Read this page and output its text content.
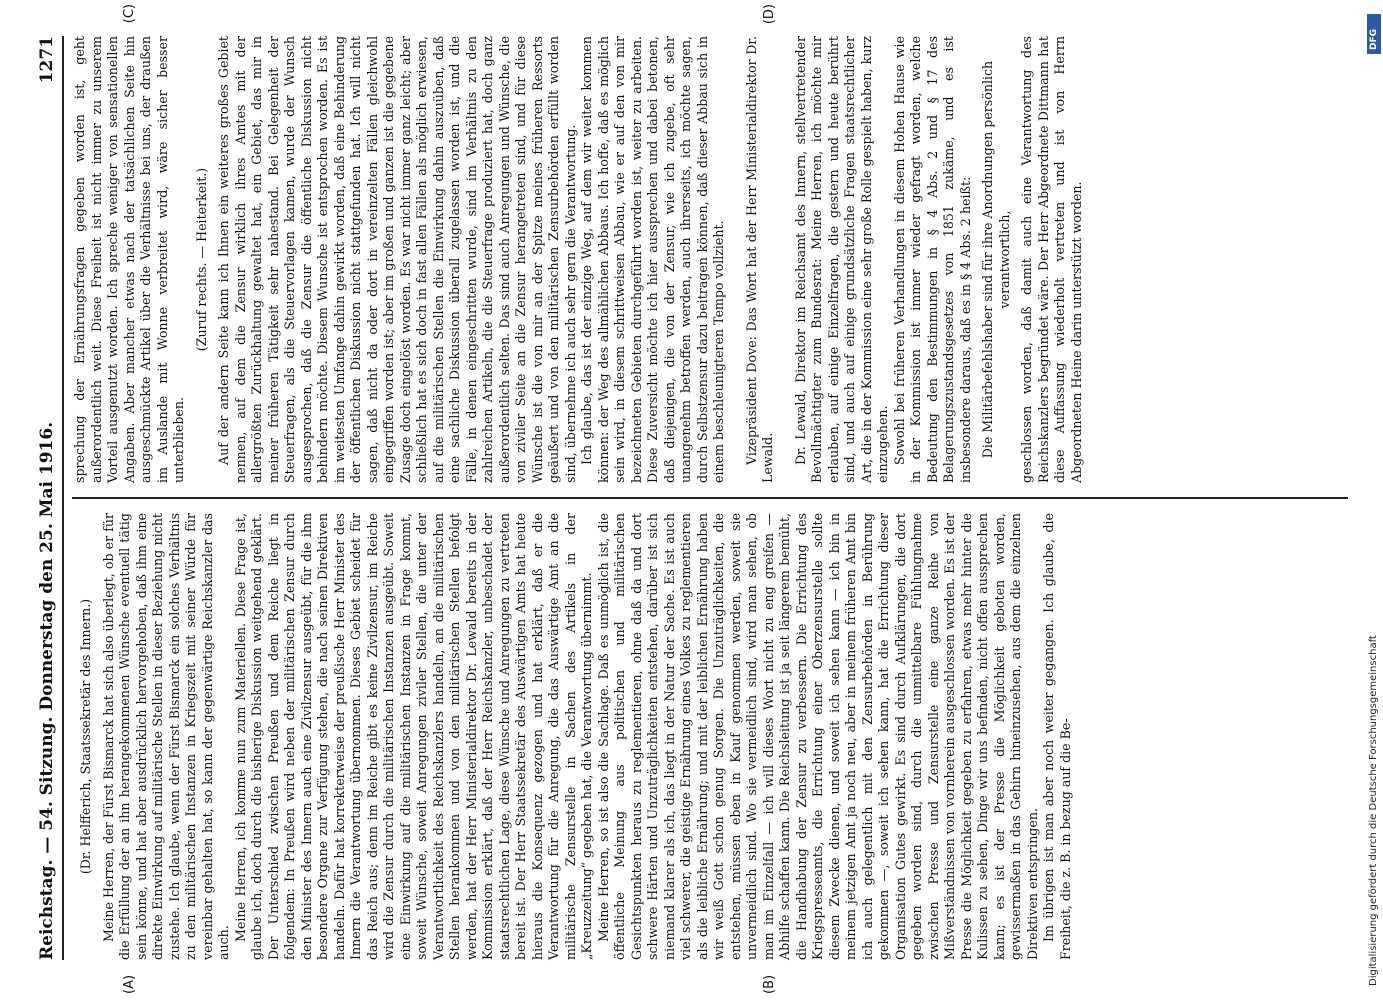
Reichstag. — 54. Sitzung. Donnerstag den 25. Mai 1916.
1271
(A)	(B)

(Dr. Helfferich, Staatssekretär des Innern.) Meine Herren, der Fürst Bismarck hat sich also überlegt, ob er für die Erfüllung der an ihn herangekommenen Wünsche eventuell tätig sein könne, und hat aber ausdrücklich hervorgehoben, daß ihm eine direkte Einwirkung auf militärische Stellen in dieser Beziehung nicht zustehe. Ich glaube, wenn der Fürst Bismarck ein solches Verhältnis zu den militärischen Instanzen in Kriegszeit mit seiner Würde für vereinbar gehalten hat, so kann der gegenwärtige Reichskanzler das auch.

Meine Herren, ich komme nun zum Materiellen. Diese Frage ist, glaube ich, doch durch die bisherige Diskussion weitgehend geklärt. Der Unterschied zwischen Preußen und dem Reiche liegt in folgendem: In Preußen wird neben der militärischen Zensur durch den Minister des Innern auch eine Zivilzensur ausgeübt, für die ihm besondere Organe zur Verfügung stehen, die nach seinen Direktiven handeln. Dafür hat korrekterweise der preußische Herr Minister des Innern die Verantwortung übernommen. Dieses Gebiet scheidet für das Reich aus; denn im Reiche gibt es keine Zivilzensur, im Reiche wird die Zensur durch die militärischen Instanzen ausgeübt. Soweit eine Einwirkung auf die militärischen Instanzen in Frage kommt, soweit Wünsche, soweit Anregungen ziviler Stellen, die unter der Verantwortlichkeit des Reichskanzlers handeln, an die militärischen Stellen herankommen und von den militärischen Stellen befolgt werden, hat der Herr Ministerialdirektor Dr. Lewald bereits in der Kommission erklärt, daß der Herr Reichskanzler, unbeschadet der staatsrechtlichen Lage, diese Wünsche und Anregungen zu vertreten bereit ist. Der Herr Staatssekretär des Auswärtigen Amts hat heute hieraus die Konsequenz gezogen und hat erklärt, daß er die Verantwortung für die Anregung, die das Auswärtige Amt an die militärische Zensurstelle in Sachen des Artikels in der „Kreuzzeitung“ gegeben hat, die Verantwortung übernimmt. Meine Herren, so ist also die Sachlage. Daß es unmöglich ist, die öffentliche Meinung aus politischen und militärischen Gesichtspunkten heraus zu reglementieren, ohne daß da und dort schwere Härten und Unzuträglichkeiten entstehen, darüber ist sich niemand klarer als ich, das liegt in der Natur der Sache. Es ist auch viel schwerer, die geistige Ernährung eines Volkes zu reglementieren als die leibliche Ernährung; und mit der leiblichen Ernährung haben wir weiß Gott schon genug Sorgen. Die Unzuträglichkeiten, die entstehen, müssen eben in Kauf genommen werden, soweit sie unvermeidlich sind. Wo sie vermeidlich sind, wird man sehen, ob man im Einzelfall — ich will dieses Wort nicht zu eng greifen — Abhilfe schaffen kann. Die Reichsleitung ist ja seit längerem bemüht, die Handhabung der Zensur zu verbessern. Die Errichtung des Kriegspresseamts, die Errichtung einer Oberzensurstelle sollte diesem Zwecke dienen, und soweit ich sehen kann — ich bin in meinem jetzigen Amt ja noch neu, aber in meinem früheren Amt bin ich auch gelegentlich mit den Zensurbehörden in Berührung gekommen —, soweit ich sehen kann, hat die Errichtung dieser Organisation Gutes gewirkt. Es sind durch Aufklärungen, die dort gegeben worden sind, durch die unmittelbare Fühlungnahme zwischen Presse und Zensurstelle eine ganze Reihe von Mißverständnissen von vornherein ausgeschlossen worden. Es ist der Presse die Möglichkeit gegeben zu erfahren, etwas mehr hinter die Kulissen zu sehen, Dinge wir uns befinden, nicht offen aussprechen kann; es ist der Presse die Möglichkeit geboten worden, gewissermaßen in das Gehirn hineinzusehen, aus dem die einzelnen Direktiven entspringen. Im übrigen ist man aber noch weiter gegangen. Ich glaube, die Freiheit, die z. B. in bezug auf die Be-

(C)	(D)

sprechung der Ernährungsfragen gegeben worden ist, geht außerordentlich weit. Diese Freiheit ist nicht immer zu unserem Vorteil ausgenutzt worden. Ich spreche weniger von sensationellen Angaben. Aber mancher etwas nach der tatsächlichen Seite hin ausgeschmückte Artikel über die Verhältnisse bei uns, der draußen im Auslande mit Wonne verbreitet wird, wäre sicher besser unterblieben.

(Zuruf rechts. — Heiterkeit.) Auf der andern Seite kann ich Ihnen ein weiteres großes Gebiet nennen, auf dem die Zensur wirklich ihres Amtes mit der allergrößten Zurückhaltung gewaltet hat, ein Gebiet, das mir in meiner früheren Tätigkeit sehr nahestand. Bei Gelegenheit der Steuerfragen, als die Steuervorlagen kamen, wurde der Wunsch ausgesprochen, daß die Zensur die öffentliche Diskussion nicht behindern möchte. Diesem Wunsche ist entsprochen worden. Es ist im weitesten Umfange dahin gewirkt worden, daß eine Behinderung der öffentlichen Diskussion nicht stattgefunden hat. Ich will nicht sagen, daß nicht da oder dort in vereinzelten Fällen gleichwohl eingegriffen worden ist; aber im großen und ganzen ist die gegebene Zusage doch eingelöst worden. Es war nicht immer ganz leicht; aber schließlich hat es sich doch in fast allen Fällen als möglich erwiesen, auf die militärischen Stellen die Einwirkung dahin auszuüben, daß eine sachliche Diskussion überall zugelassen worden ist, und die Fälle, in denen eingeschritten wurde, sind im Verhältnis zu den zahlreichen Artikeln, die die Steuerfrage produziert hat, doch ganz außerordentlich selten. Das sind auch Anregungen und Wünsche, die von ziviler Seite an die Zensur herangetreten sind, und für diese Wünsche ist die von mir an der Spitze meines früheren Ressorts geäußert und von den militärischen Zensurbehörden erfüllt worden sind, übernehme ich auch sehr gern die Verantwortung. Ich glaube, das ist der einzige Weg, auf dem wir weiter kommen können: der Weg des allmählichen Abbaus. Ich hoffe, daß es möglich sein wird, in diesem schrittweisen Abbau, wie er auf den von mir bezeichneten Gebieten durchgeführt worden ist, weiter zu arbeiten. Diese Zuversicht möchte ich hier aussprechen und dabei betonen, daß diejenigen, die von der Zensur, wie ich zugebe, oft sehr unangenehm betroffen werden, auch ihrerseits, ich möchte sagen, durch Selbstzensur dazu beitragen können, daß dieser Abbau sich in einem beschleunigteren Tempo vollzieht. Vizepräsident Dove: Das Wort hat der Herr Ministerialdirektor Dr. Lewald. Dr. Lewald, Direktor im Reichsamt des Innern, stellvertretender Bevollmächtigter zum Bundesrat: Meine Herren, ich möchte mir erlauben, auf einige Einzelfragen, die gestern und heute berührt sind, und auch auf einige grundsätzliche Fragen staatsrechtlicher Art, die in der Kommission eine sehr große Rolle gespielt haben, kurz einzugehen. Sowohl bei früheren Verhandlungen in diesem Hohen Hause wie in der Kommission ist immer wieder gefragt worden, welche Bedeutung den Bestimmungen in § 4 Abs. 2 und § 17 des Belagerungszustandsgesetzes von 1851 zukäme, und es ist insbesondere daraus, daß es in § 4 Abs. 2 heißt: Die Militärbefehlshaber sind für ihre Anordnungen persönlich verantwortlich, geschlossen worden, daß damit auch eine Verantwortung des Reichskanzlers begründet wäre. Der Herr Abgeordnete Dittmann hat diese Auffassung wiederholt vertreten und ist von Herrn Abgeordneten Heine darin unterstützt worden.

DFG
Digitalisierung gefördert durch die Deutsche Forschungsgemeinschaft
